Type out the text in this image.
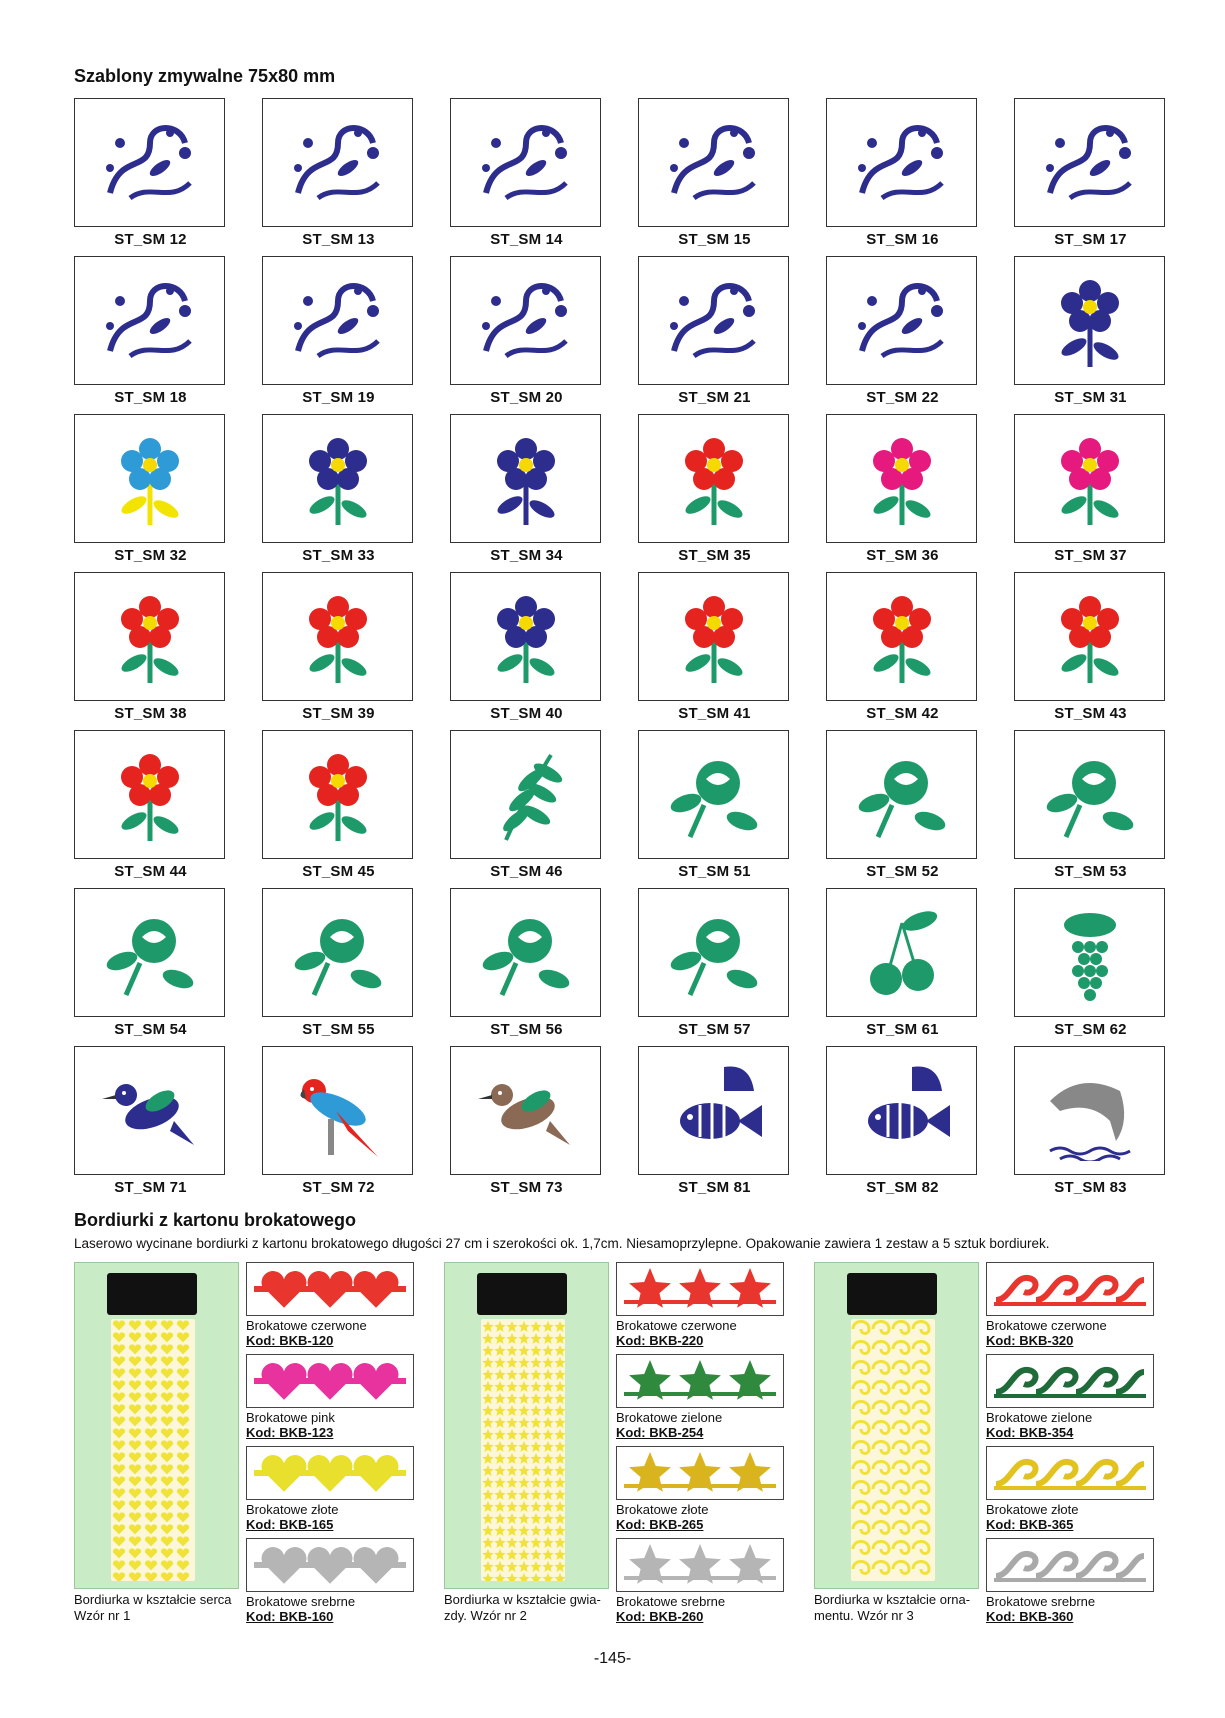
Szablony zmywalne 75x80 mm
ST_SM 12	ST_SM 13	ST_SM 14	ST_SM 15	ST_SM 16	ST_SM 17
ST_SM 18	ST_SM 19	ST_SM 20	ST_SM 21	ST_SM 22	ST_SM 31
ST_SM 32	ST_SM 33	ST_SM 34	ST_SM 35	ST_SM 36	ST_SM 37
ST_SM 38	ST_SM 39	ST_SM 40	ST_SM 41	ST_SM 42	ST_SM 43
ST_SM 44	ST_SM 45	ST_SM 46	ST_SM 51	ST_SM 52	ST_SM 53
ST_SM 54	ST_SM 55	ST_SM 56	ST_SM 57	ST_SM 61	ST_SM 62
ST_SM 71	ST_SM 72	ST_SM 73	ST_SM 81	ST_SM 82	ST_SM 83
Bordiurki z kartonu brokatowego
Laserowo wycinane bordiurki z kartonu brokatowego długości 27 cm i szerokości ok. 1,7cm. Niesamoprzylepne. Opakowanie zawiera 1 zestaw a 5 sztuk bordiurek.
Bordiurka w kształcie serca Wzór nr 1
Brokatowe czerwone
Kod: BKB-120
Brokatowe pink
Kod: BKB-123
Brokatowe złote
Kod: BKB-165
Brokatowe srebrne
Kod: BKB-160
Bordiurka w kształcie gwia-zdy. Wzór nr 2
Brokatowe czerwone
Kod: BKB-220
Brokatowe zielone
Kod: BKB-254
Brokatowe złote
Kod: BKB-265
Brokatowe srebrne
Kod: BKB-260
Bordiurka w kształcie orna-mentu. Wzór nr 3
Brokatowe czerwone
Kod: BKB-320
Brokatowe zielone
Kod: BKB-354
Brokatowe złote
Kod: BKB-365
Brokatowe srebrne
Kod: BKB-360
-145-
